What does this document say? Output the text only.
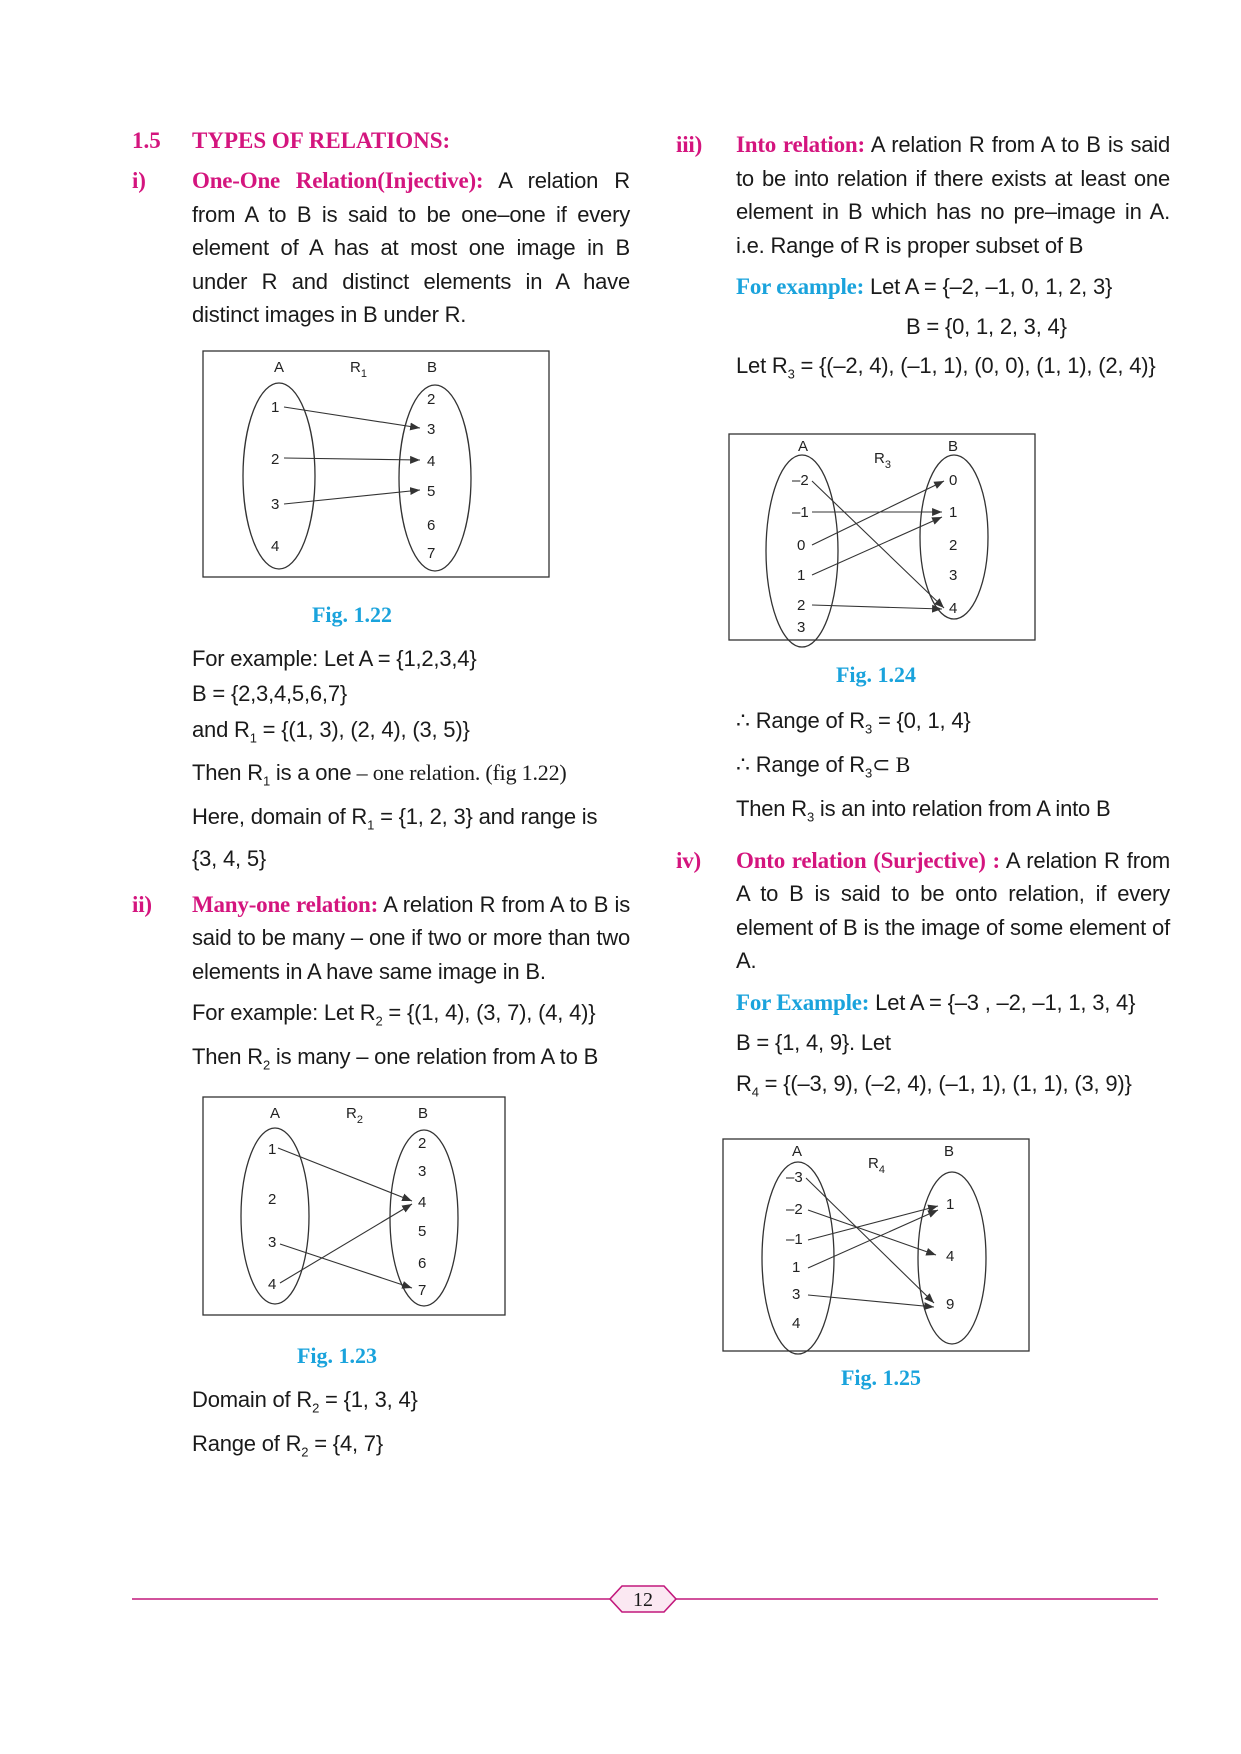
1.5 TYPES OF RELATIONS:
i) One-One Relation(Injective): A relation R from A to B is said to be one–one if every element of A has at most one image in B under R and distinct elements in A have distinct images in B under R.
A	$R_1$	B
1
2
3
4
2
3
4
5
6
7
Fig. 1.22
For example: Let A = {1,2,3,4}
B = {2,3,4,5,6,7}
and $R_1 = \{(1$, 3), (2, 4), (3, 5)}
Then $R_1$ is a one – one relation. (fig 1.22)
Here, domain of $R_1 = \{1$, 2, 3} and range is
{3, 4, 5}
ii) Many-one relation: A relation R from A to B is said to be many – one if two or more than two elements in A have same image in B.
For example: Let $R_2 = \{(1$, 4), (3, 7), (4, 4)}
Then $R_2$ is many – one relation from A to B
A	$R_2$	B
1
2
3
4
2
3
4
5
6
7
Fig. 1.23
Domain of $R_2 = \{1$, 3, 4}
Range of $R_2 = \{4$, 7}
iii) Into relation: A relation R from A to B is said to be into relation if there exists at least one element in B which has no pre–image in A. i.e. Range of R is proper subset of B
For example: Let A = {–2, –1, 0, 1, 2, 3}
B = {0, 1, 2, 3, 4}
Let $R_3 = \{(-2$, 4), (–1, 1), (0, 0), (1, 1), (2, 4)}
A
$R_3$
B
–2
–1
0
1
2
3
0
1
2
3
4
Fig. 1.24
∴ Range of $R_3 = \{0$, 1, 4}
∴ Range of $R_3\subset$ B
Then $R_3$ is an into relation from A into B
iv) Onto relation (Surjective) : A relation R from A to B is said to be onto relation, if every element of B is the image of some element of A.
For Example: Let A = {–3 , –2, –1, 1, 3, 4}
B = {1, 4, 9}. Let
$R_4 = \{(-3$, 9), (–2, 4), (–1, 1), (1, 1), (3, 9)}
A
$R_4$
B
–3
–2
–1
1
3
4
1
4
9
Fig. 1.25
12
